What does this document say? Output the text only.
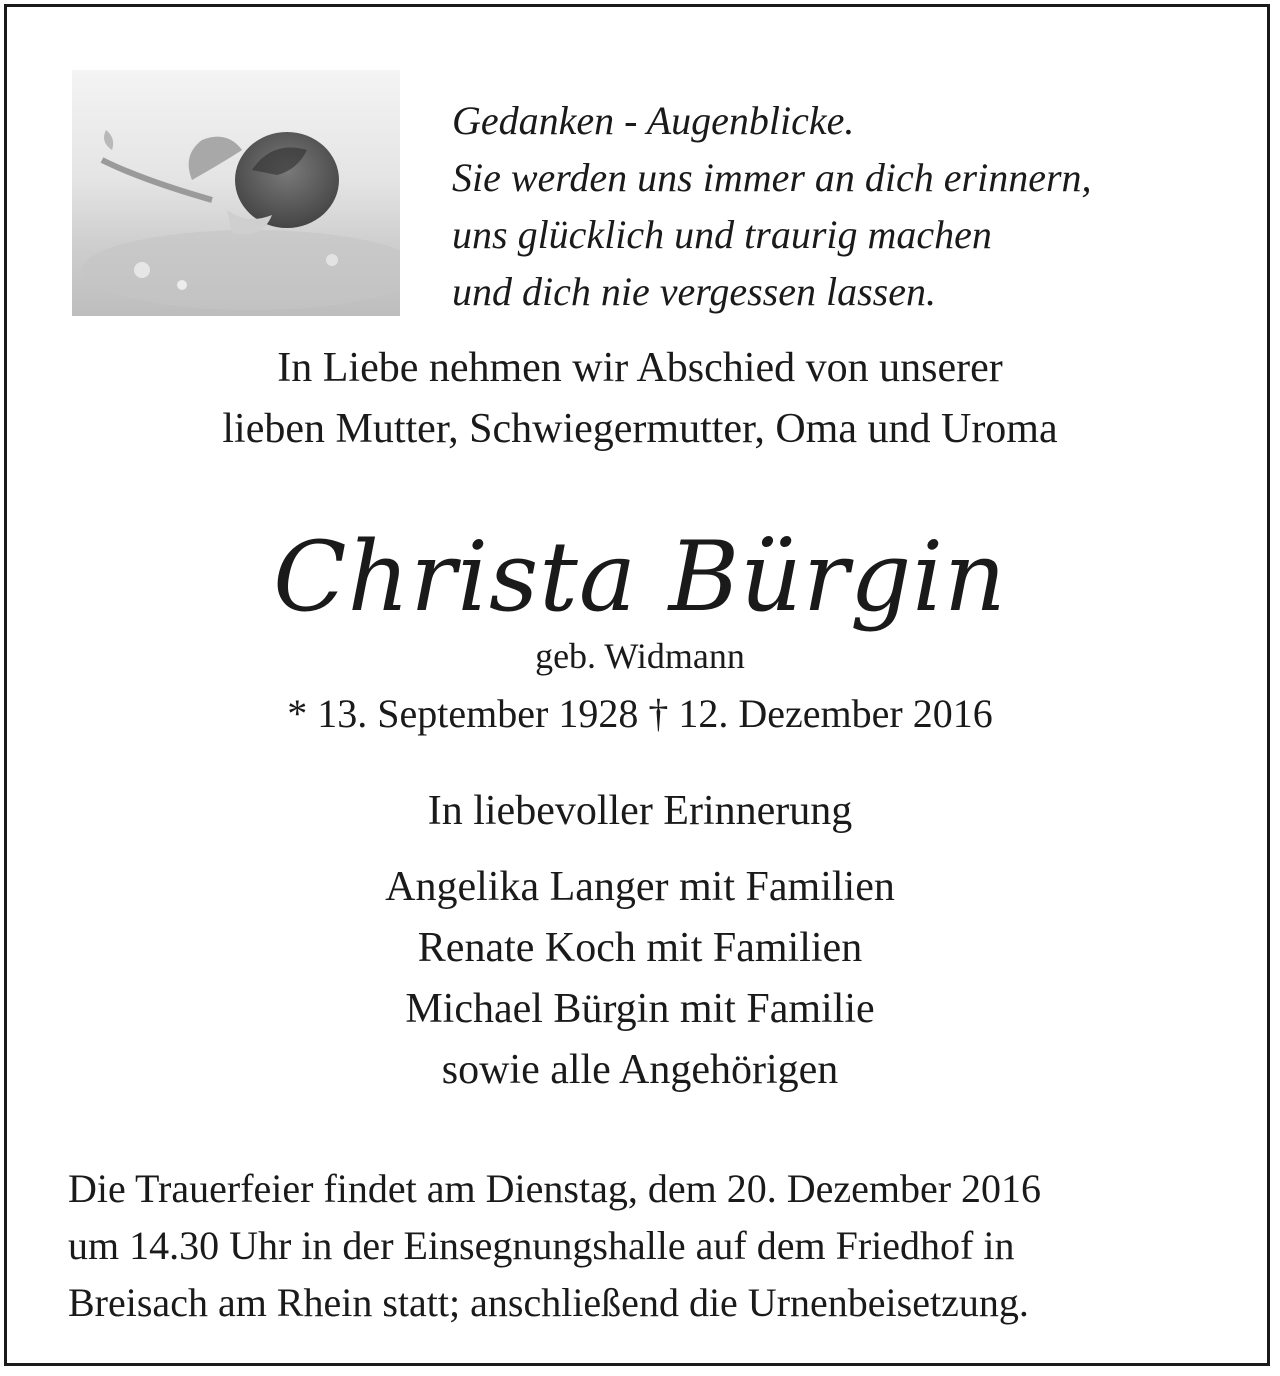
Gedanken - Augenblicke.
Sie werden uns immer an dich erinnern,
uns glücklich und traurig machen
und dich nie vergessen lassen.
In Liebe nehmen wir Abschied von unserer
lieben Mutter, Schwiegermutter, Oma und Uroma
Christa Bürgin
geb. Widmann
* 13. September 1928 † 12. Dezember 2016
In liebevoller Erinnerung
Angelika Langer mit Familien
Renate Koch mit Familien
Michael Bürgin mit Familie
sowie alle Angehörigen
Die Trauerfeier findet am Dienstag, dem 20. Dezember 2016
um 14.30 Uhr in der Einsegnungshalle auf dem Friedhof in
Breisach am Rhein statt; anschließend die Urnenbeisetzung.
